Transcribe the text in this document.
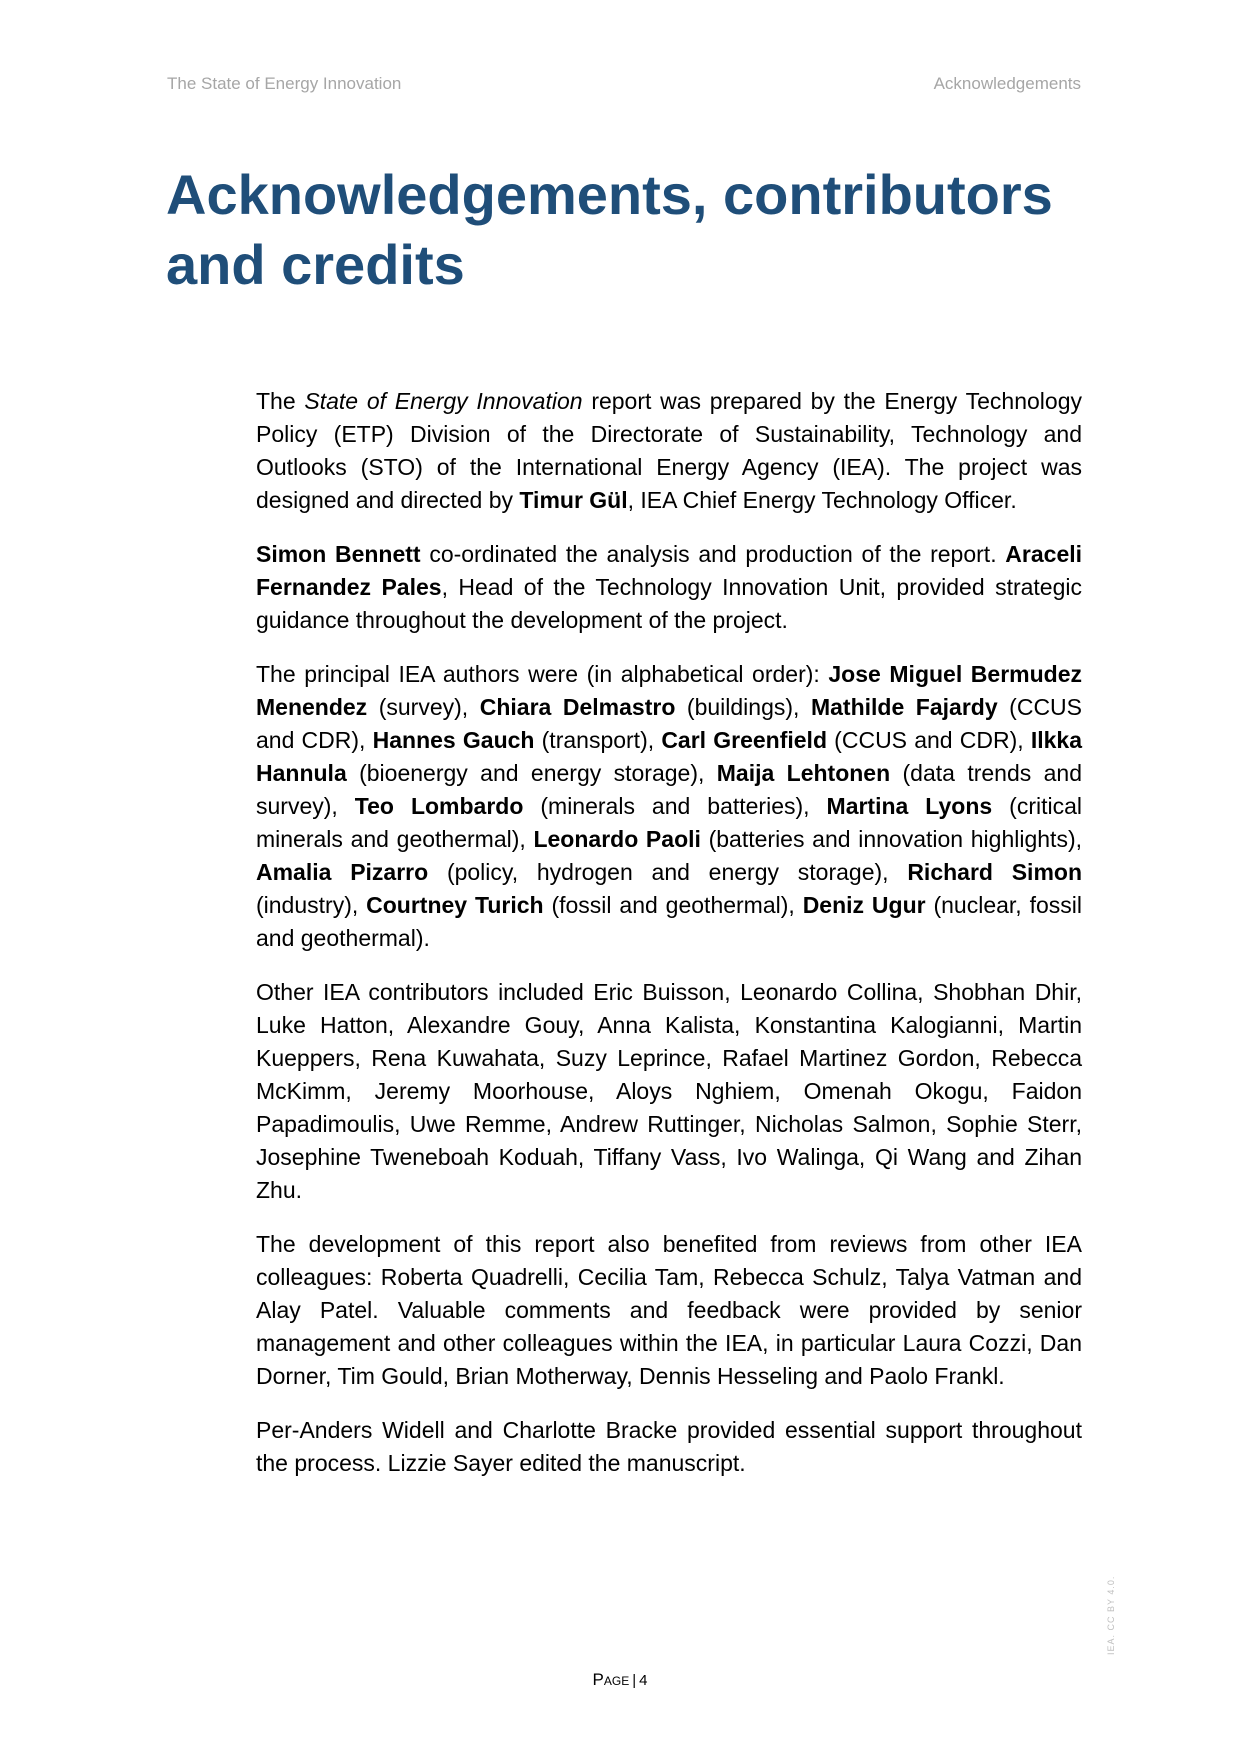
The State of Energy Innovation	Acknowledgements
Acknowledgements, contributors
and credits

The State of Energy Innovation report was prepared by the Energy Technology Policy (ETP) Division of the Directorate of Sustainability, Technology and Outlooks (STO) of the International Energy Agency (IEA). The project was designed and directed by Timur Gül, IEA Chief Energy Technology Officer.

Simon Bennett co-ordinated the analysis and production of the report. Araceli Fernandez Pales, Head of the Technology Innovation Unit, provided strategic guidance throughout the development of the project.

The principal IEA authors were (in alphabetical order): Jose Miguel Bermudez Menendez (survey), Chiara Delmastro (buildings), Mathilde Fajardy (CCUS and CDR), Hannes Gauch (transport), Carl Greenfield (CCUS and CDR), Ilkka Hannula (bioenergy and energy storage), Maija Lehtonen (data trends and survey), Teo Lombardo (minerals and batteries), Martina Lyons (critical minerals and geothermal), Leonardo Paoli (batteries and innovation highlights), Amalia Pizarro (policy, hydrogen and energy storage), Richard Simon (industry), Courtney Turich (fossil and geothermal), Deniz Ugur (nuclear, fossil and geothermal).

Other IEA contributors included Eric Buisson, Leonardo Collina, Shobhan Dhir, Luke Hatton, Alexandre Gouy, Anna Kalista, Konstantina Kalogianni, Martin Kueppers, Rena Kuwahata, Suzy Leprince, Rafael Martinez Gordon, Rebecca McKimm, Jeremy Moorhouse, Aloys Nghiem, Omenah Okogu, Faidon Papadimoulis, Uwe Remme, Andrew Ruttinger, Nicholas Salmon, Sophie Sterr, Josephine Tweneboah Koduah, Tiffany Vass, Ivo Walinga, Qi Wang and Zihan Zhu.

The development of this report also benefited from reviews from other IEA colleagues: Roberta Quadrelli, Cecilia Tam, Rebecca Schulz, Talya Vatman and Alay Patel. Valuable comments and feedback were provided by senior management and other colleagues within the IEA, in particular Laura Cozzi, Dan Dorner, Tim Gould, Brian Motherway, Dennis Hesseling and Paolo Frankl.

Per-Anders Widell and Charlotte Bracke provided essential support throughout the process. Lizzie Sayer edited the manuscript.

Page | 4
IEA. CC BY 4.0.
